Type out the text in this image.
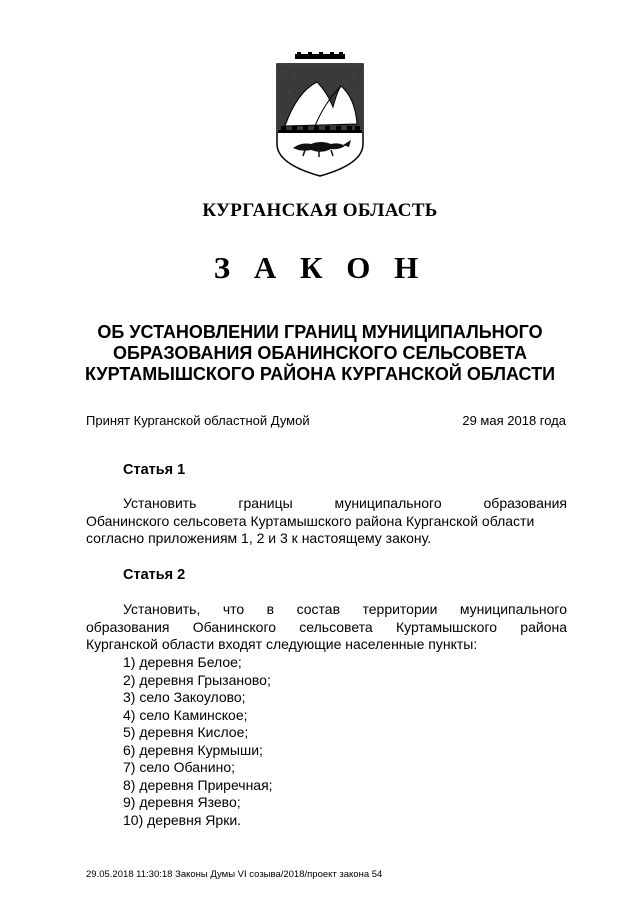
КУРГАНСКАЯ ОБЛАСТЬ
З А К О Н
ОБ УСТАНОВЛЕНИИ ГРАНИЦ МУНИЦИПАЛЬНОГО
ОБРАЗОВАНИЯ ОБАНИНСКОГО СЕЛЬСОВЕТА
КУРТАМЫШСКОГО РАЙОНА КУРГАНСКОЙ ОБЛАСТИ
Принят Курганской областной Думой	29 мая 2018 года
Статья 1
Установить границы муниципального образования
Обанинского сельсовета Куртамышского района Курганской области
согласно приложениям 1, 2 и 3 к настоящему закону.
Статья 2
Установить, что в состав территории муниципального
образования Обанинского сельсовета Куртамышского района
Курганской области входят следующие населенные пункты:
1) деревня Белое;
2) деревня Грызаново;
3) село Закоулово;
4) село Каминское;
5) деревня Кислое;
6) деревня Курмыши;
7) село Обанино;
8) деревня Приречная;
9) деревня Язево;
10) деревня Ярки.
29.05.2018 11:30:18 Законы Думы VI созыва/2018/проект закона 54
